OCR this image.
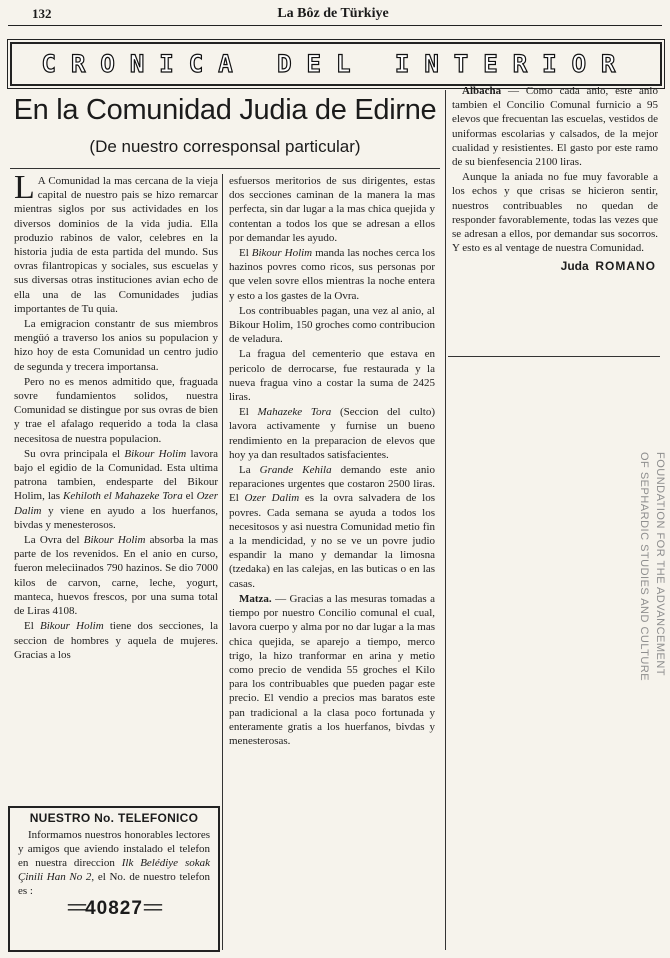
132	La Bôz de Türkiye
CRONICA DEL INTERIOR
En la Comunidad Judia de Edirne
(De nuestro corresponsal particular)

L A Comunidad la mas cercana de la vieja capital de nuestro pais se hizo remarcar mientras siglos por sus actividades en los diversos dominios de la vida judia. Ella produzio rabinos de valor, celebres en la historia judia de esta partida del mundo. Sus ovras filantropicas y sociales, sus escuelas y sus diversas otras instituciones avian echo de ella una de las Comunidades judias importantes de Tu quia.

La emigracion constantr de sus miembros mengüó a traverso los anios su populacion y hizo hoy de esta Comunidad un centro judio de segunda y trecera importansa.

Pero no es menos admitido que, fraguada sovre fundamientos solidos, nuestra Comunidad se distingue por sus ovras de bien y trae el afalago requerido a toda la clasa necesitosa de nuestra populacion.

Su ovra principala el Bikour Holim lavora bajo el egidio de la Comunidad. Esta ultima patrona tambien, endesparte del Bikour Holim, las Kehiloth el Mahazeke Tora el Ozer Dalim y viene en ayudo a los huerfanos, bivdas y menesterosos.

La Ovra del Bikour Holim absorba la mas parte de los revenidos. En el anio en curso, fueron meleciinados 790 hazinos. Se dio 7000 kilos de carvon, carne, leche, yogurt, manteca, huevos frescos, por una suma total de Liras 4108.

El Bikour Holim tiene dos secciones, la seccion de hombres y aquela de mujeres. Gracias a los

NUESTRO No. TELEFONICO
Informamos nuestros honorables lectores y amigos que aviendo instalado el telefon en nuestra direccion Ilk Belédiye sokak Çinili Han No 2, el No. de nuestro telefon es :
==40827==

esfuersos meritorios de sus dirigentes, estas dos secciones caminan de la manera la mas perfecta, sin dar lugar a la mas chica quejida y contentan a todos los que se adresan a ellos por demandar les ayudo.

El Bikour Holim manda las noches cerca los hazinos povres como ricos, sus personas por que velen sovre ellos mientras la noche entera y esto a los gastes de la Ovra.

Los contribuables pagan, una vez al anio, al Bikour Holim, 150 groches como contribucion de veladura.

La fragua del cementerio que estava en pericolo de derrocarse, fue restaurada y la nueva fragua vino a costar la suma de 2425 liras.

El Mahazeke Tora (Seccion del culto) lavora activamente y furnise un bueno rendimiento en la preparacion de elevos que hoy ya dan resultados satisfacientes.

La Grande Kehila demando este anio reparaciones urgentes que costaron 2500 liras. El Ozer Dalim es la ovra salvadera de los povres. Cada semana se ayuda a todos los necesitosos y asi nuestra Comunidad metio fin a la mendicidad, y no se ve un povre judio espandir la mano y demandar la limosna (tzedaka) en las calejas, en las buticas o en las casas.

Matza. — Gracias a las mesuras tomadas a tiempo por nuestro Concilio comunal el cual, lavora cuerpo y alma por no dar lugar a la mas chica quejida, se aparejo a tiempo, merco trigo, la hizo tranformar en arina y metio como precio de vendida 55 groches el Kilo para los contribuables que pueden pagar este precio. El vendio a precios mas baratos este pan tradicional a la clasa poco fortunada y enteramente gratis a los huerfanos, bivdas y menesterosas.

Albacha — Como cada anio, este anio tambien el Concilio Comunal furnicio a 95 elevos que frecuentan las escuelas, vestidos de uniformas escolarias y calsados, de la mejor cualidad y resistientes. El gasto por este ramo de su bienfesencia 2100 liras.

Aunque la aniada no fue muy favorable a los echos y que crisas se hicieron sentir, nuestros contribuables no quedan de responder favorablemente, todas las vezes que se adresan a ellos, por demandar sus socorros. Y esto es al ventage de nuestra Comunidad.

Juda ROMANO
FOUNDATION FOR THE ADVANCEMENT
OF SEPHARDIC STUDIES AND CULTURE
